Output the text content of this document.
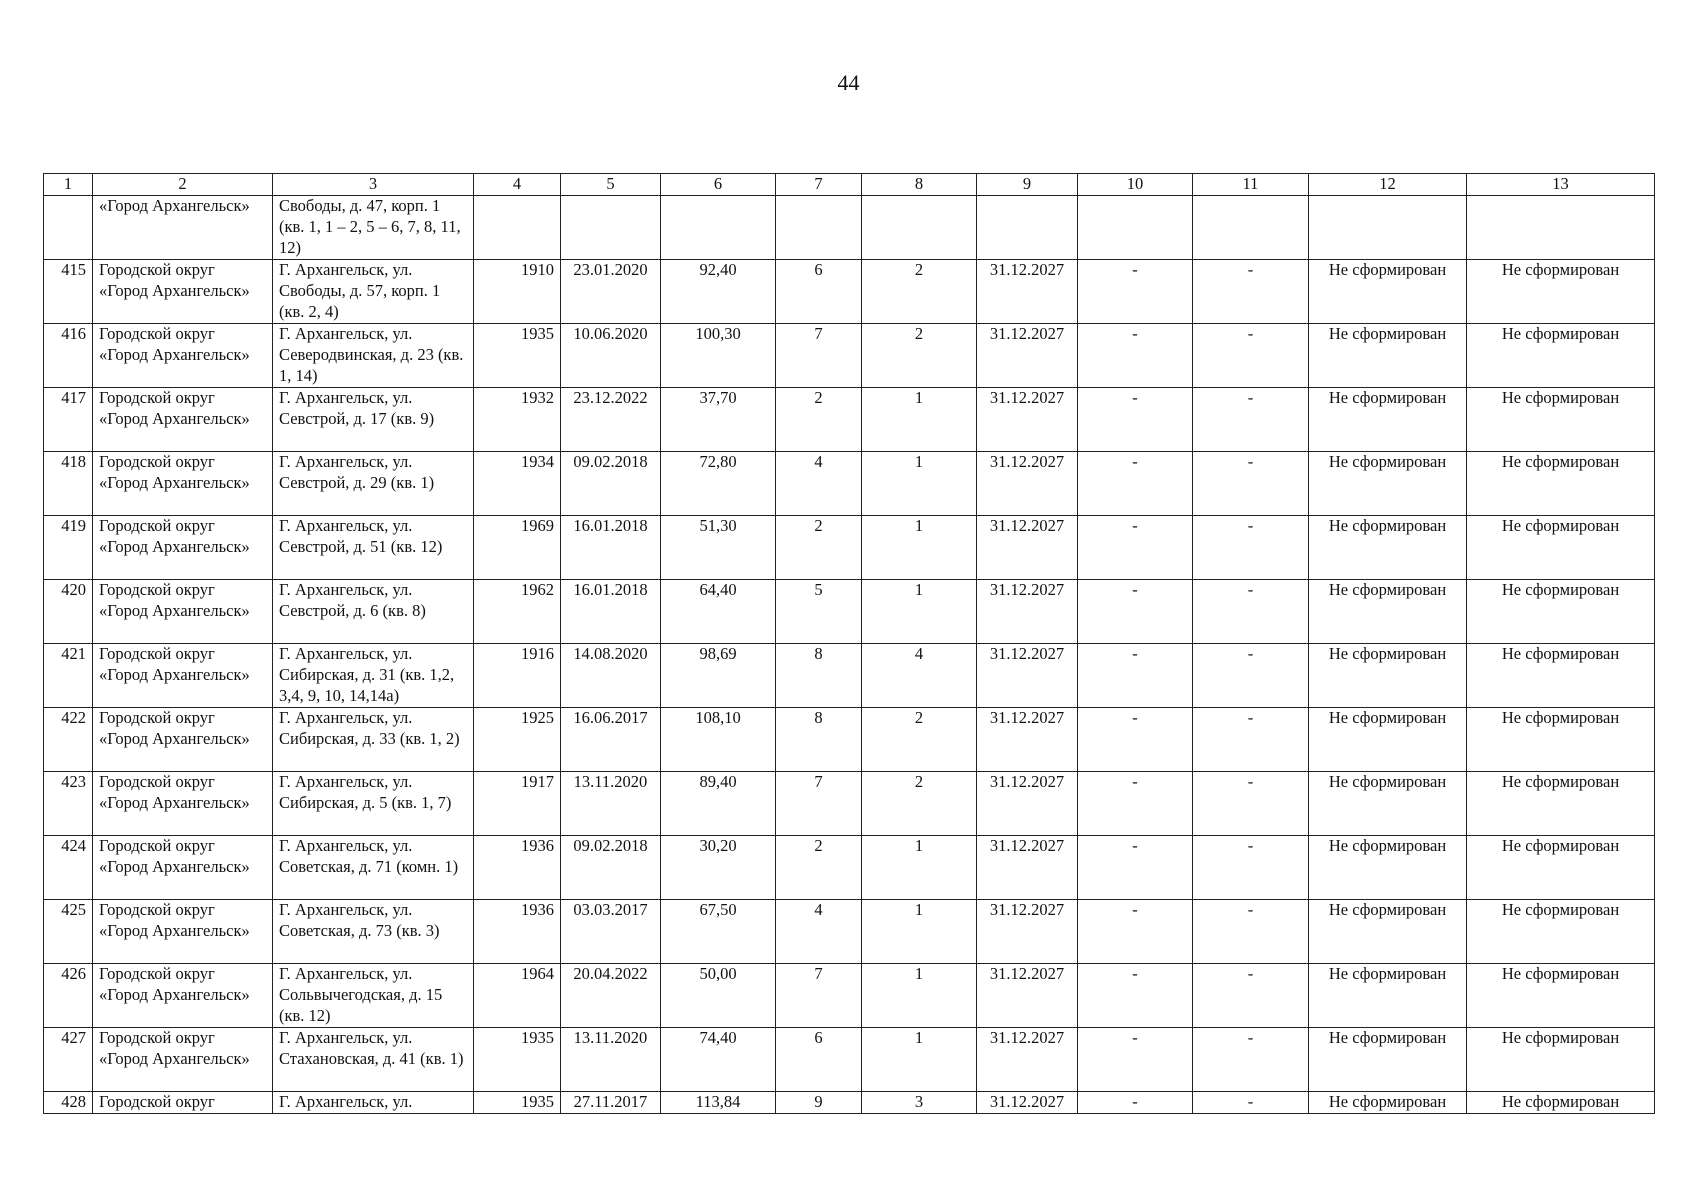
44
1	2	3	4	5	6	7	8	9	10	11	12	13
	«Город Архангельск»	Свободы, д. 47, корп. 1 (кв. 1, 1 – 2, 5 – 6, 7, 8, 11, 12)										
415	Городской округ «Город Архангельск»	Г. Архангельск, ул. Свободы, д. 57, корп. 1 (кв. 2, 4)	1910	23.01.2020	92,40	6	2	31.12.2027	-	-	Не сформирован	Не сформирован
416	Городской округ «Город Архангельск»	Г. Архангельск, ул. Северодвинская, д. 23 (кв. 1, 14)	1935	10.06.2020	100,30	7	2	31.12.2027	-	-	Не сформирован	Не сформирован
417	Городской округ «Город Архангельск»	Г. Архангельск, ул. Севстрой, д. 17 (кв. 9)	1932	23.12.2022	37,70	2	1	31.12.2027	-	-	Не сформирован	Не сформирован
418	Городской округ «Город Архангельск»	Г. Архангельск, ул. Севстрой, д. 29 (кв. 1)	1934	09.02.2018	72,80	4	1	31.12.2027	-	-	Не сформирован	Не сформирован
419	Городской округ «Город Архангельск»	Г. Архангельск, ул. Севстрой, д. 51 (кв. 12)	1969	16.01.2018	51,30	2	1	31.12.2027	-	-	Не сформирован	Не сформирован
420	Городской округ «Город Архангельск»	Г. Архангельск, ул. Севстрой, д. 6 (кв. 8)	1962	16.01.2018	64,40	5	1	31.12.2027	-	-	Не сформирован	Не сформирован
421	Городской округ «Город Архангельск»	Г. Архангельск, ул. Сибирская, д. 31 (кв. 1,2, 3,4, 9, 10, 14,14а)	1916	14.08.2020	98,69	8	4	31.12.2027	-	-	Не сформирован	Не сформирован
422	Городской округ «Город Архангельск»	Г. Архангельск, ул. Сибирская, д. 33 (кв. 1, 2)	1925	16.06.2017	108,10	8	2	31.12.2027	-	-	Не сформирован	Не сформирован
423	Городской округ «Город Архангельск»	Г. Архангельск, ул. Сибирская, д. 5 (кв. 1, 7)	1917	13.11.2020	89,40	7	2	31.12.2027	-	-	Не сформирован	Не сформирован
424	Городской округ «Город Архангельск»	Г. Архангельск, ул. Советская, д. 71 (комн. 1)	1936	09.02.2018	30,20	2	1	31.12.2027	-	-	Не сформирован	Не сформирован
425	Городской округ «Город Архангельск»	Г. Архангельск, ул. Советская, д. 73 (кв. 3)	1936	03.03.2017	67,50	4	1	31.12.2027	-	-	Не сформирован	Не сформирован
426	Городской округ «Город Архангельск»	Г. Архангельск, ул. Сольвычегодская, д. 15 (кв. 12)	1964	20.04.2022	50,00	7	1	31.12.2027	-	-	Не сформирован	Не сформирован
427	Городской округ «Город Архангельск»	Г. Архангельск, ул. Стахановская, д. 41 (кв. 1)	1935	13.11.2020	74,40	6	1	31.12.2027	-	-	Не сформирован	Не сформирован
428	Городской округ	Г. Архангельск, ул.	1935	27.11.2017	113,84	9	3	31.12.2027	-	-	Не сформирован	Не сформирован
